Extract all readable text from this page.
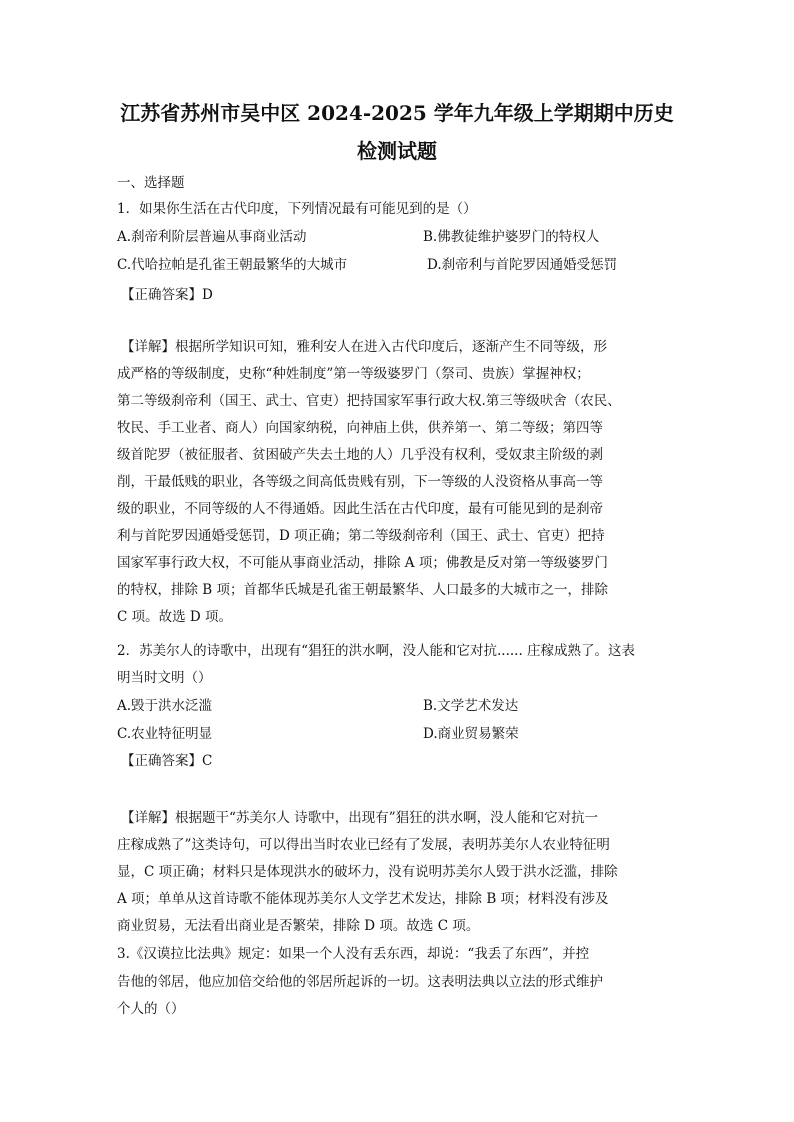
江苏省苏州市吴中区 2024-2025 学年九年级上学期期中历史
检测试题
一、选择题
1．如果你生活在古代印度，下列情况最有可能见到的是（）
A.刹帝利阶层普遍从事商业活动	B.佛教徒维护婆罗门的特权人
C.代哈拉帕是孔雀王朝最繁华的大城市	D.刹帝利与首陀罗因通婚受惩罚
【正确答案】D
【详解】根据所学知识可知，雅利安人在进入古代印度后，逐渐产生不同等级，形
成严格的等级制度，史称“种姓制度”第一等级婆罗门（祭司、贵族）掌握神权；
第二等级刹帝利（国王、武士、官吏）把持国家军事行政大权.第三等级吠舍（农民、
牧民、手工业者、商人）向国家纳税，向神庙上供，供养第一、第二等级；第四等
级首陀罗（被征服者、贫困破产失去土地的人）几乎没有权利，受奴隶主阶级的剥
削，干最低贱的职业，各等级之间高低贵贱有别，下一等级的人没资格从事高一等
级的职业，不同等级的人不得通婚。因此生活在古代印度，最有可能见到的是刹帝
利与首陀罗因通婚受惩罚，D 项正确；第二等级刹帝利（国王、武士、官吏）把持
国家军事行政大权，不可能从事商业活动，排除 A 项；佛教是反对第一等级婆罗门
的特权，排除 B 项；首都华氏城是孔雀王朝最繁华、人口最多的大城市之一，排除
C 项。故选 D 项。
2．苏美尔人的诗歌中，出现有“猖狂的洪水啊，没人能和它对抗...... 庄稼成熟了。这表
明当时文明（）
A.毁于洪水泛滥	B.文学艺术发达
C.农业特征明显	D.商业贸易繁荣
【正确答案】C
【详解】根据题干“苏美尔人 诗歌中，出现有”猖狂的洪水啊，没人能和它对抗一
庄稼成熟了”这类诗句，可以得出当时农业已经有了发展，表明苏美尔人农业特征明
显，C 项正确；材料只是体现洪水的破坏力，没有说明苏美尔人毁于洪水泛滥，排除
A 项；单单从这首诗歌不能体现苏美尔人文学艺术发达，排除 B 项；材料没有涉及
商业贸易，无法看出商业是否繁荣，排除 D 项。故选 C 项。
3.《汉谟拉比法典》规定：如果一个人没有丢东西，却说：“我丢了东西”，并控
告他的邻居，他应加倍交给他的邻居所起诉的一切。这表明法典以立法的形式维护
个人的（）
